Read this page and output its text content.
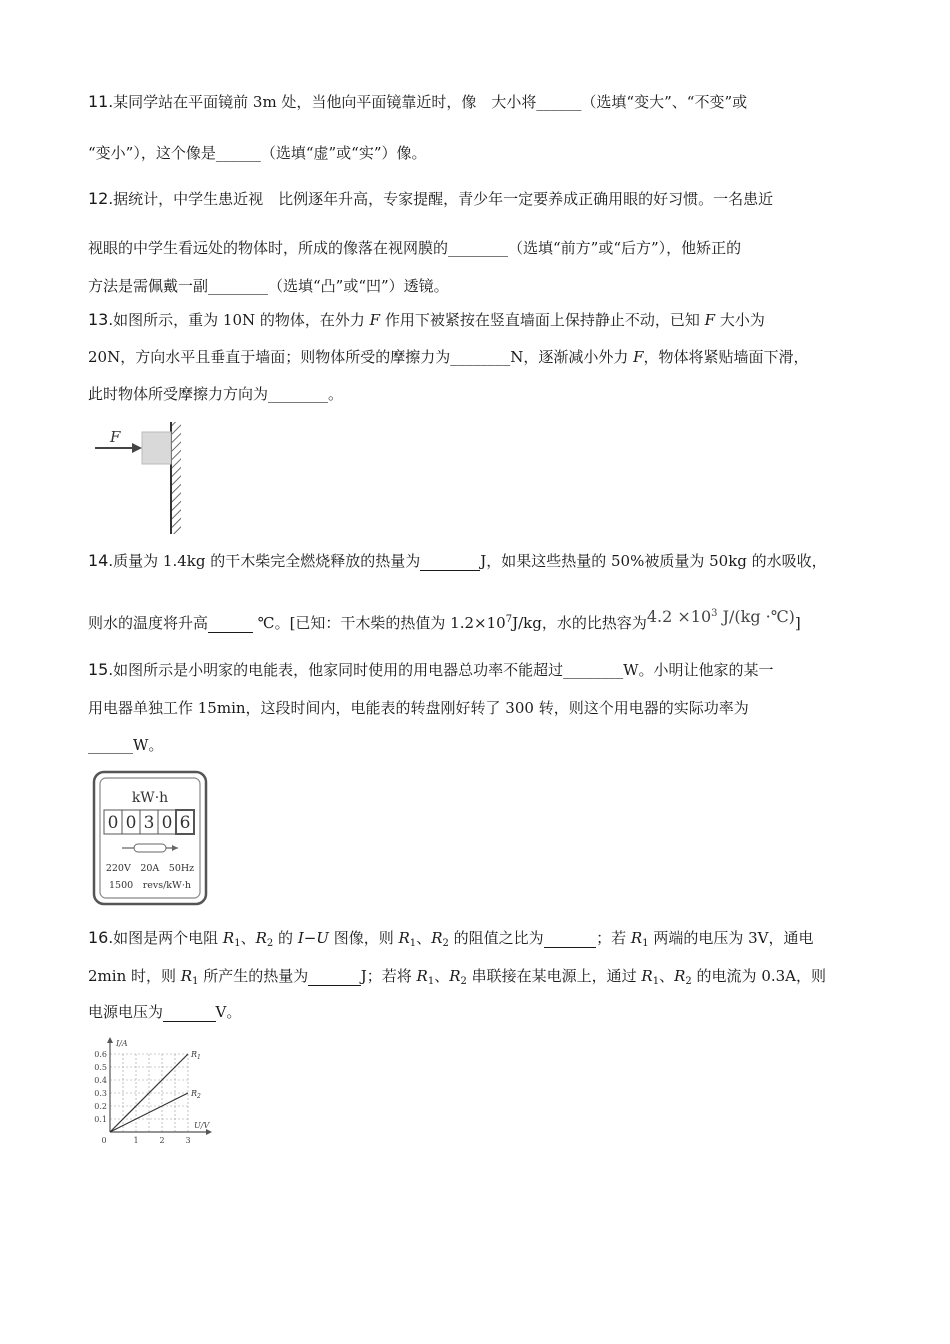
11.某同学站在平面镜前 3m 处，当他向平面镜靠近时，像　大小将______（选填“变大”、“不变”或
“变小”），这个像是______（选填“虚”或“实”）像。
12.据统计，中学生患近视　比例逐年升高，专家提醒，青少年一定要养成正确用眼的好习惯。一名患近
视眼的中学生看远处的物体时，所成的像落在视网膜的________（选填“前方”或“后方”），他矫正的
方法是需佩戴一副________（选填“凸”或“凹”）透镜。
13.如图所示，重为 10N 的物体，在外力 F 作用下被紧按在竖直墙面上保持静止不动，已知 F 大小为
20N，方向水平且垂直于墙面；则物体所受的摩擦力为________N，逐渐减小外力 F，物体将紧贴墙面下滑，
此时物体所受摩擦力方向为________。
F
14.质量为 1.4kg 的干木柴完全燃烧释放的热量为	J，如果这些热量的 50%被质量为 50kg 的水吸收，
则水的温度将升高	℃。[已知：干木柴的热值为 $1.2\times 10^7J/kg$，水的比热容为$4.2 \times 10^3$ J/(kg ·℃)]
15.如图所示是小明家的电能表，他家同时使用的用电器总功率不能超过________W。小明让他家的某一
用电器单独工作 15min，这段时间内，电能表的转盘刚好转了 300 转，则这个用电器的实际功率为
______W。
kW·h
0 0 3 0 6
220V　20A　50Hz
1500　revs/kW·h
16.如图是两个电阻 $R_1$、$R_2$ 的 I−U 图像，则 $R_1$、$R_2$ 的阻值之比为	；若 $R_1$ 两端的电压为 3V，通电
2min 时，则 $R_1$ 所产生的热量为	J；若将 $R_1$、$R_2$ 串联接在某电源上，通过 $R_1$、$R_2$ 的电流为 0.3A，则
电源电压为	V。
I/A
U/V
0.6
0.5
0.4
0.3
0.2
0.1
0	1	2	3
$R_1$
$R_2$
